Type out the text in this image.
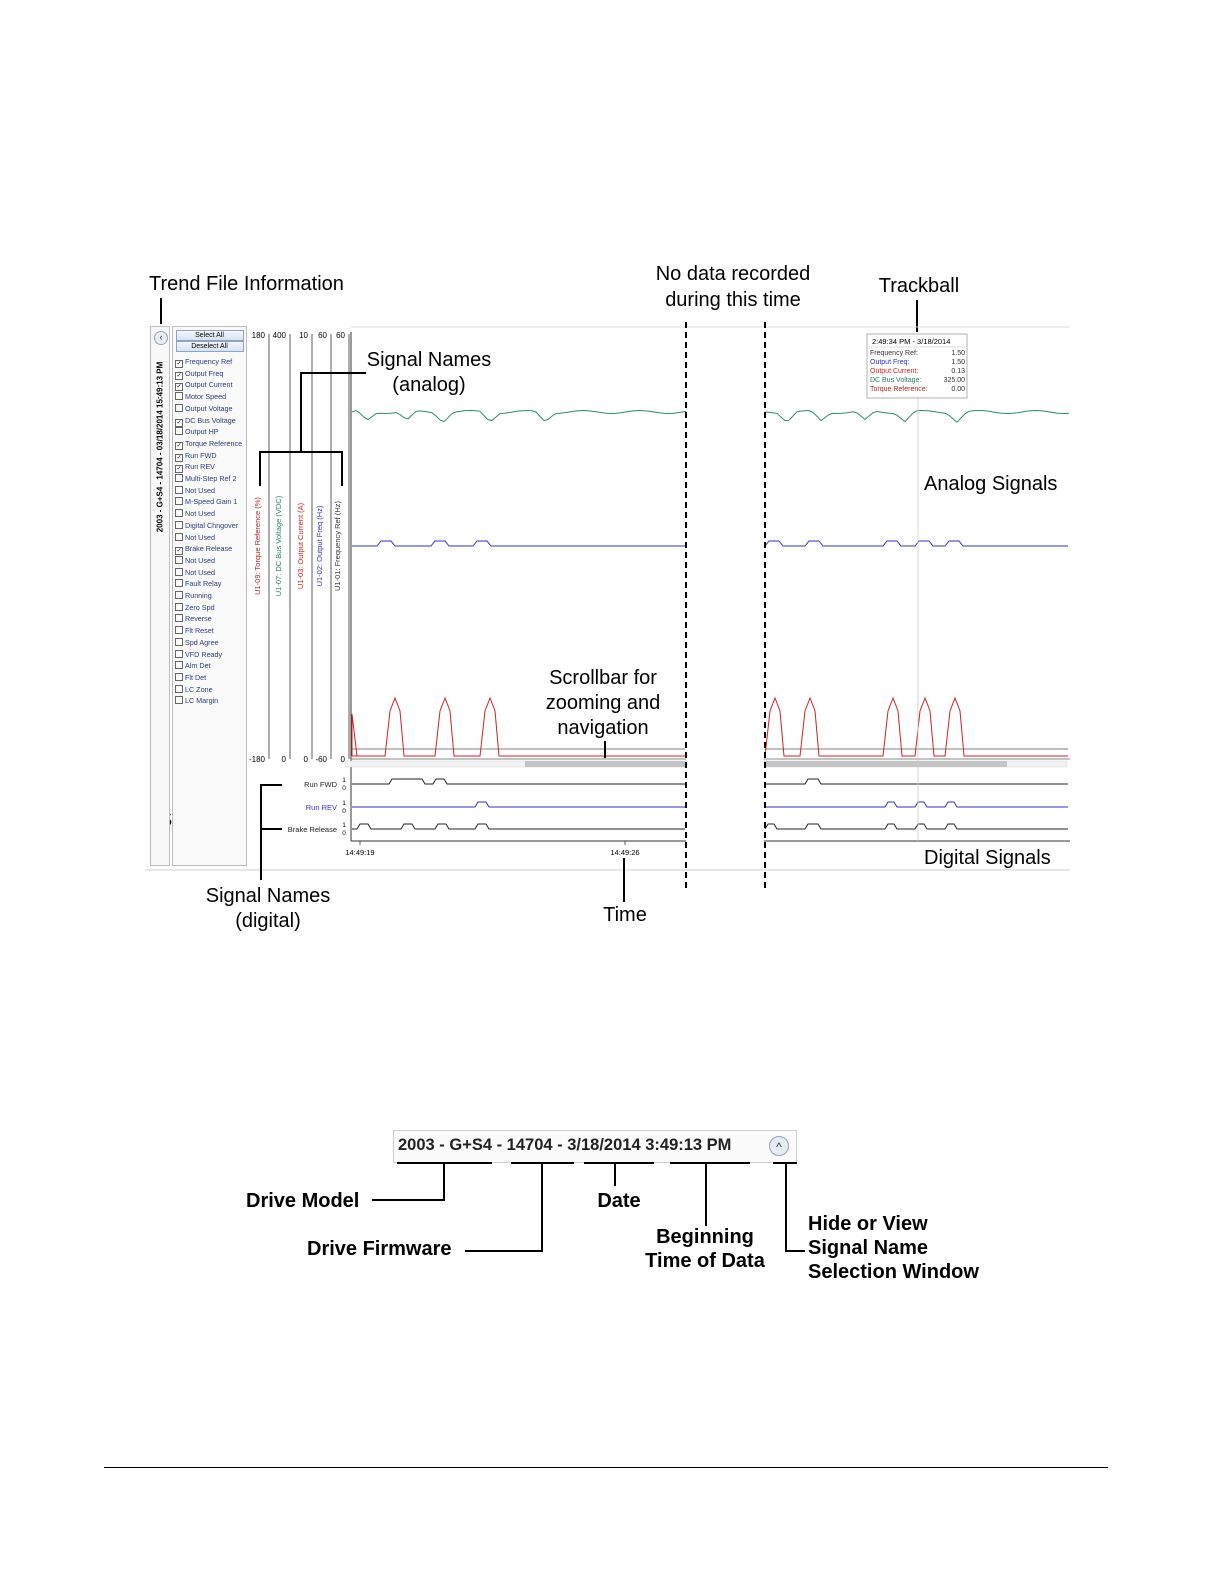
Trend File Information	No data recorded
during this time
Trackball
Signal Names
(analog)
Analog Signals
Scrollbar for
zooming and
navigation
Digital Signals
Signal Names
(digital)	Time
‹
2003 - G+S4 - 14704 - 03/18/2014 15:49:13 PM
Select All
Deselect All
✓ Frequency Ref
✓ Output Freq
✓ Output Current
Motor Speed
Output Voltage
✓ DC Bus Voltage
Output HP
✓ Torque Reference
✓ Run FWD
✓ Run REV
Multi-Step Ref 2
Not Used
M-Speed Gain 1
Not Used
Digital Chngover
Not Used
✓ Brake Release
Not Used
Not Used
Fault Relay
Running
Zero Spd
Reverse
Flt Reset
Spd Agree
VFD Ready
Alm Det
Flt Det
LC Zone
LC Margin
180
-180
U1-09: Torque Reference (%)
400
0
U1-07: DC Bus Voltage (VDC)
10
0
U1-03: Output Current (A)
60
-60
U1-02: Output Freq (Hz)
60
0
U1-01: Frequency Ref (Hz)
Run FWD 1
0
Run REV 1
0
Brake Release 1
0
14:49:19	14:49:26
2:49:34 PM - 3/18/2014
Frequency Ref:	1.50
Output Freq:	1.50
Output Current:	0.13
DC Bus Voltage:	325.00
Torque Reference:	0.00
2003 - G+S4 - 14704 - 3/18/2014 3:49:13 PM	^
Drive Model
Drive Firmware
Date
Beginning
Time of Data
Hide or View
Signal Name
Selection Window
